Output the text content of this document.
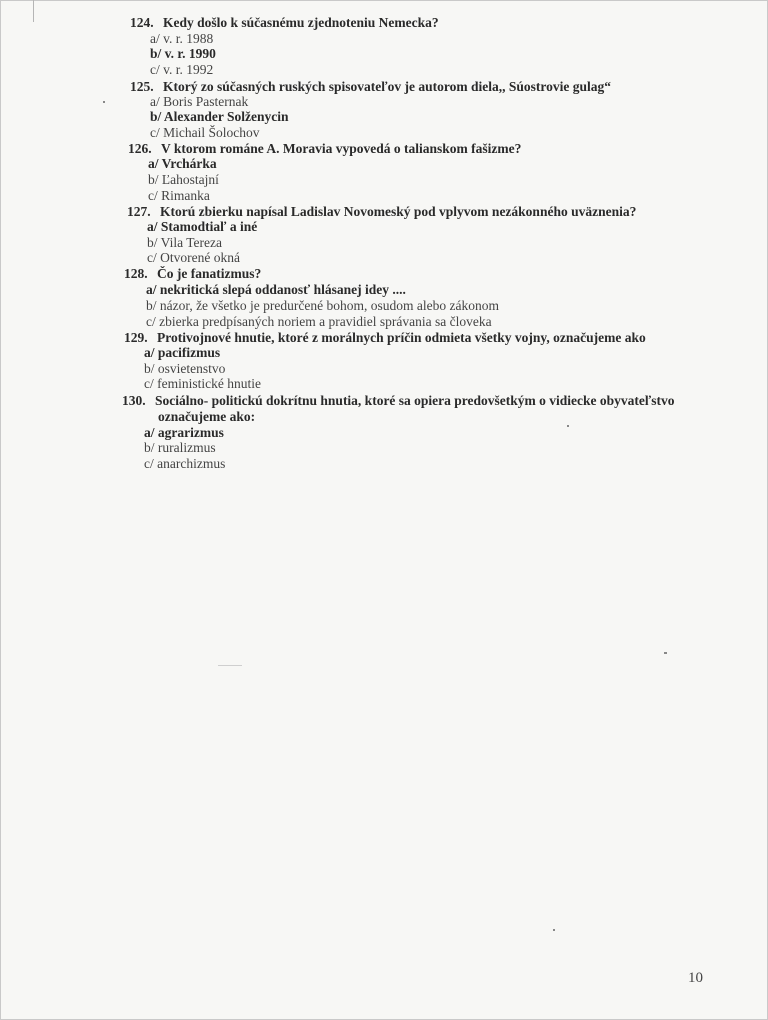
124. Kedy došlo k súčasnému zjednoteniu Nemecka?
a/ v. r. 1988
b/ v. r. 1990
c/ v. r. 1992
125. Ktorý zo súčasných ruských spisovateľov je autorom diela,, Súostrovie gulag“
a/ Boris Pasternak
b/ Alexander Solženycin
c/ Michail Šolochov
126. V ktorom románe A. Moravia vypovedá o talianskom fašizme?
a/ Vrchárka
b/ Ľahostajní
c/ Rimanka
127. Ktorú zbierku napísal Ladislav Novomeský pod vplyvom nezákonného uväznenia?
a/ Stamodtiaľ a iné
b/ Vila Tereza
c/ Otvorené okná
128. Čo je fanatizmus?
a/ nekritická slepá oddanosť hlásanej idey ....
b/ názor, že všetko je predurčené bohom, osudom alebo zákonom
c/ zbierka predpísaných noriem a pravidiel správania sa človeka
129. Protivojnové hnutie, ktoré z morálnych príčin odmieta všetky vojny, označujeme ako
a/ pacifizmus
b/ osvietenstvo
c/ feministické hnutie
130. Sociálno- politickú dokrítnu hnutia, ktoré sa opiera predovšetkým o vidiecke obyvateľstvo
označujeme ako:
a/ agrarizmus
b/ ruralizmus
c/ anarchizmus
10
